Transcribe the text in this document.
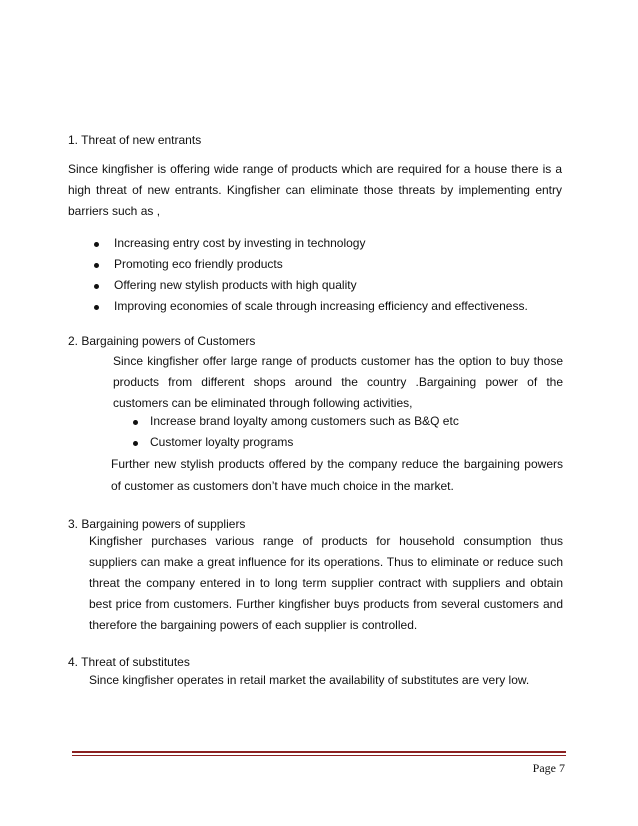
1. Threat of new entrants
Since kingfisher is offering wide range of products which are required for a house there is a high threat of new entrants. Kingfisher can eliminate those threats by implementing entry barriers such as ,
Increasing entry cost by investing in technology
Promoting eco friendly products
Offering new stylish products with high quality
Improving economies of scale through increasing efficiency and effectiveness.
2. Bargaining powers of Customers
Since kingfisher offer large range of products customer has the option to buy those products from different shops around the country .Bargaining power of the customers can be eliminated through following activities,
Increase brand loyalty among customers such as B&Q etc
Customer loyalty programs
Further new stylish products offered by the company reduce the bargaining powers of customer as customers don’t have much choice in the market.
3. Bargaining powers of suppliers
Kingfisher purchases various range of products for household consumption thus suppliers can make a great influence for its operations. Thus to eliminate or reduce such threat the company entered in to long term supplier contract with suppliers and obtain best price from customers. Further kingfisher buys products from several customers and therefore the bargaining powers of each supplier is controlled.
4. Threat of substitutes
Since kingfisher operates in retail market the availability of substitutes are very low.
Page 7
